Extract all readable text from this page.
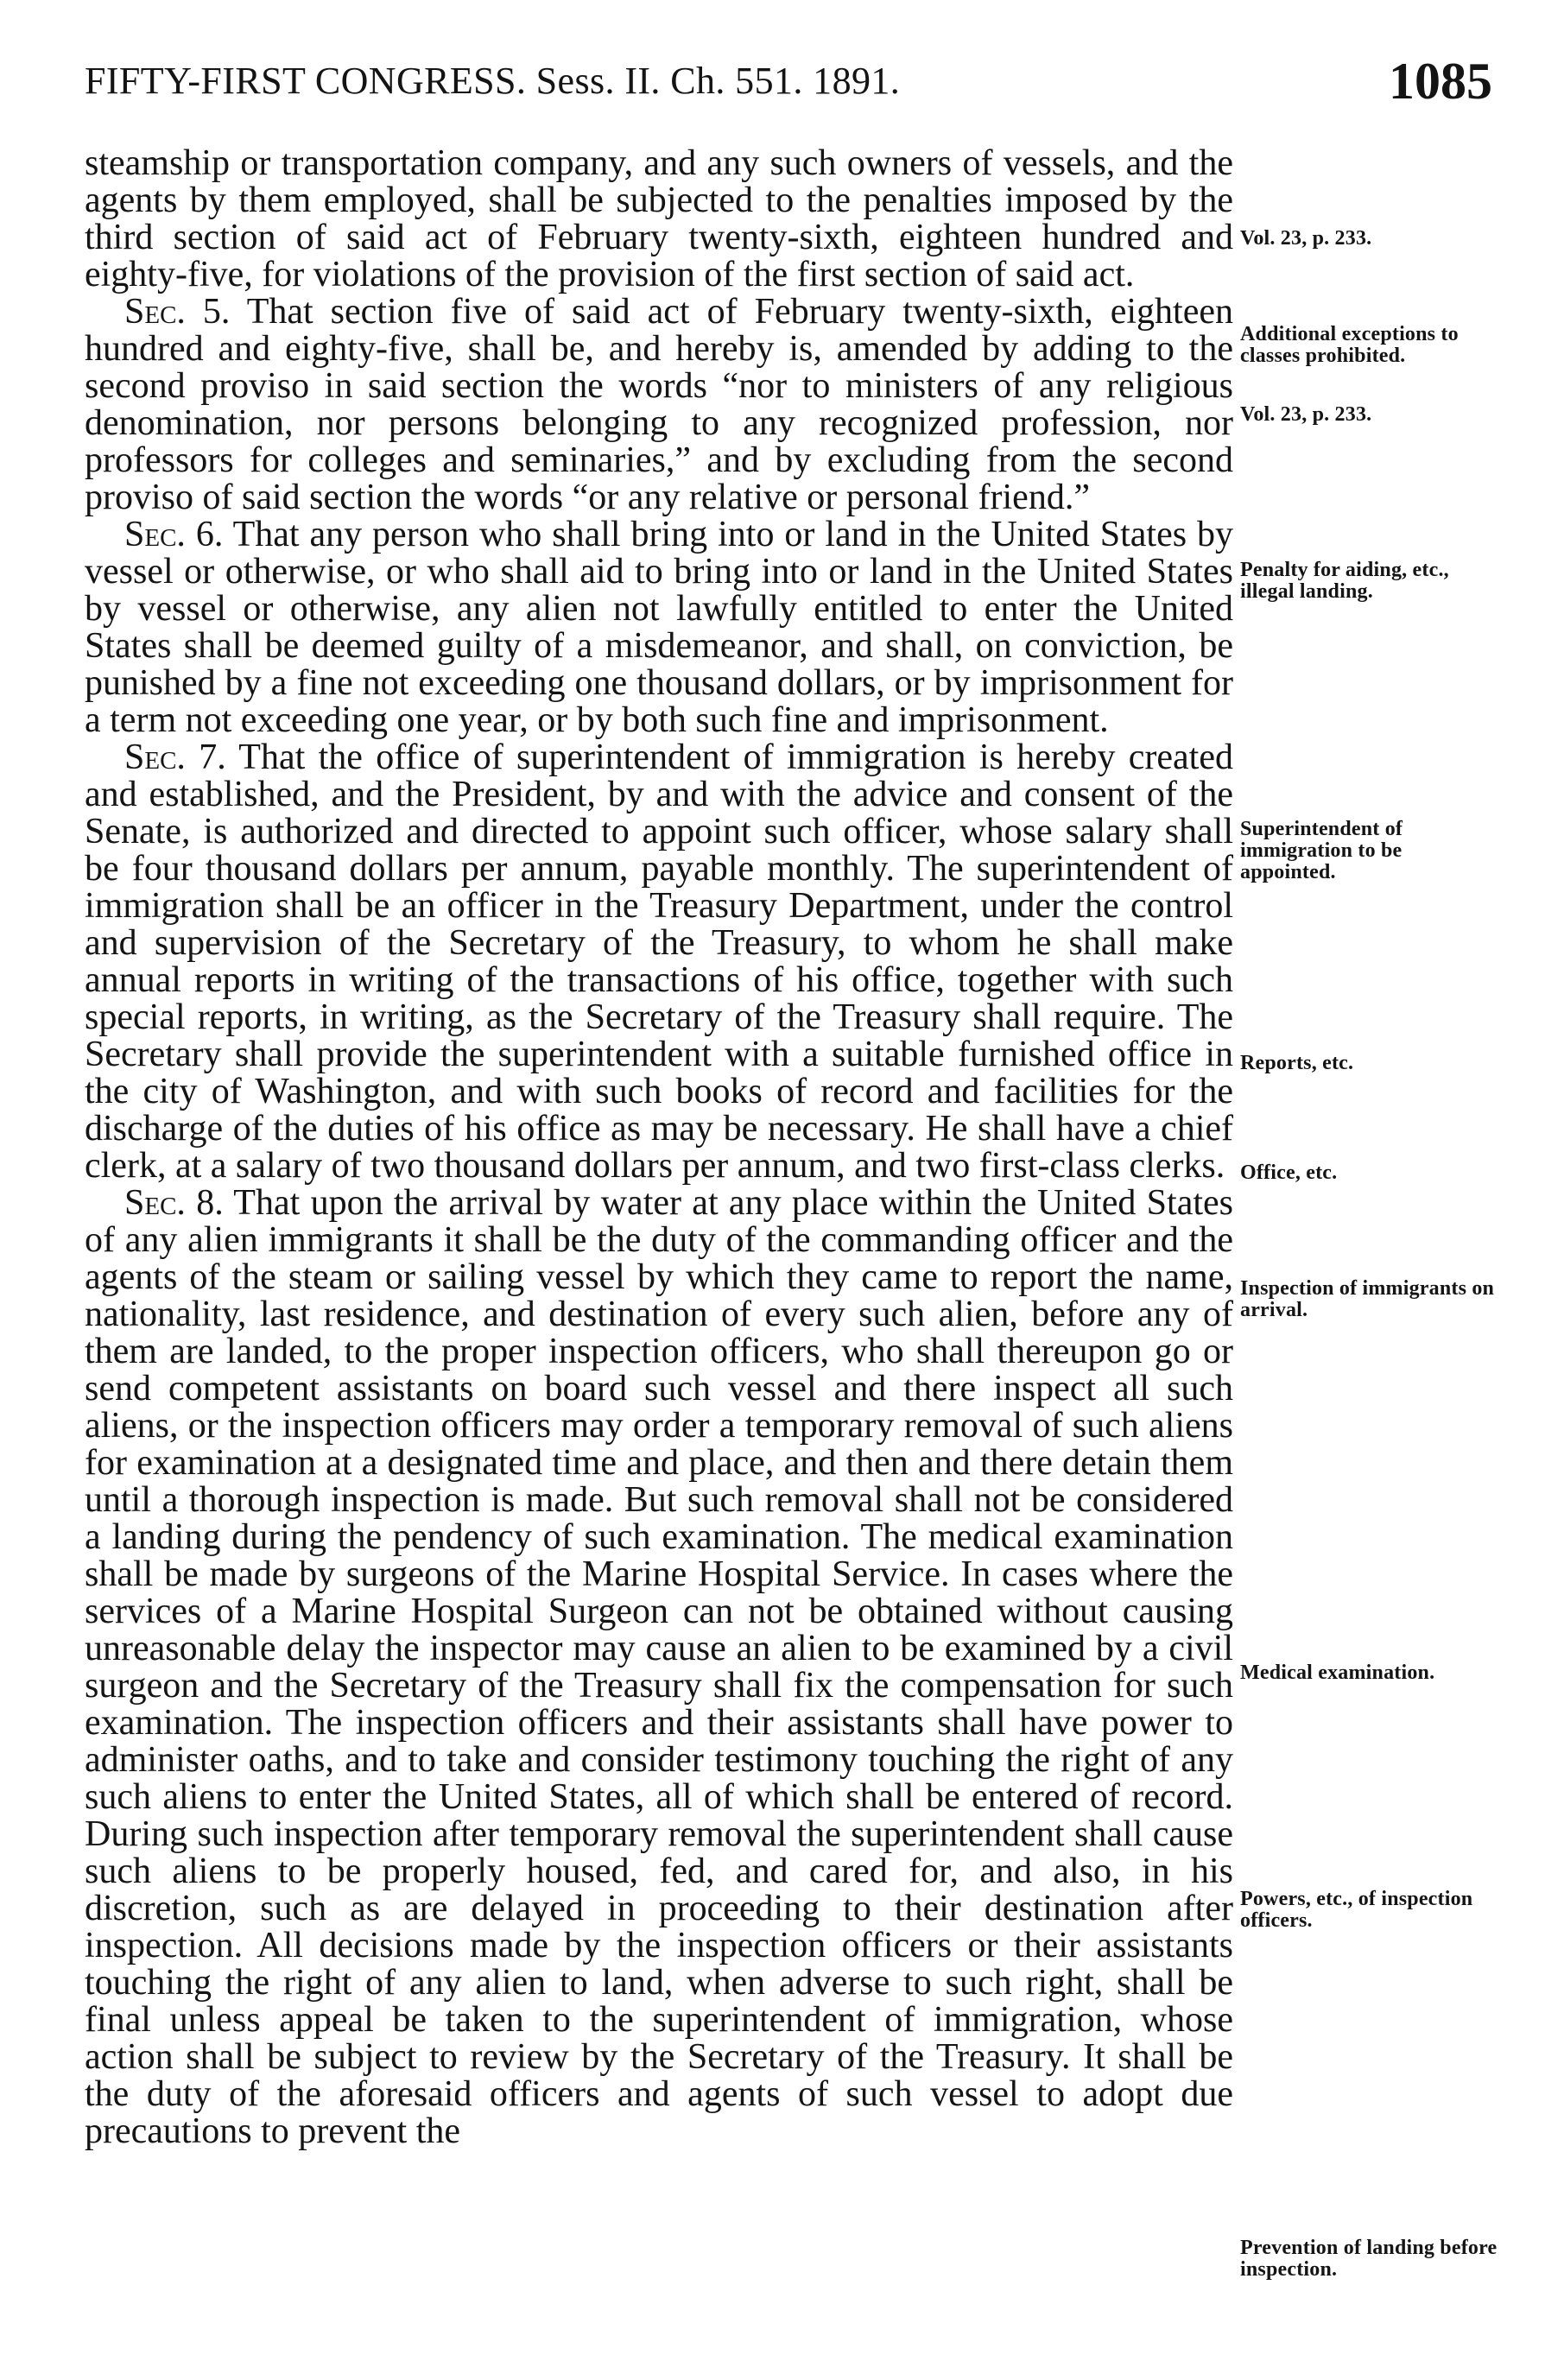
FIFTY-FIRST CONGRESS. Sess. II. Ch. 551. 1891.	1085

steamship or transportation company, and any such owners of vessels, and the agents by them employed, shall be subjected to the penalties imposed by the third section of said act of February twenty-sixth, eighteen hundred and eighty-five, for violations of the provision of the first section of said act.

Sec. 5. That section five of said act of February twenty-sixth, eighteen hundred and eighty-five, shall be, and hereby is, amended by adding to the second proviso in said section the words “nor to ministers of any religious denomination, nor persons belonging to any recognized profession, nor professors for colleges and seminaries,” and by excluding from the second proviso of said section the words “or any relative or personal friend.”

Sec. 6. That any person who shall bring into or land in the United States by vessel or otherwise, or who shall aid to bring into or land in the United States by vessel or otherwise, any alien not lawfully entitled to enter the United States shall be deemed guilty of a misdemeanor, and shall, on conviction, be punished by a fine not exceeding one thousand dollars, or by imprisonment for a term not exceeding one year, or by both such fine and imprisonment.

Sec. 7. That the office of superintendent of immigration is hereby created and established, and the President, by and with the advice and consent of the Senate, is authorized and directed to appoint such officer, whose salary shall be four thousand dollars per annum, payable monthly. The superintendent of immigration shall be an officer in the Treasury Department, under the control and supervision of the Secretary of the Treasury, to whom he shall make annual reports in writing of the transactions of his office, together with such special reports, in writing, as the Secretary of the Treasury shall require. The Secretary shall provide the superintendent with a suitable furnished office in the city of Washington, and with such books of record and facilities for the discharge of the duties of his office as may be necessary. He shall have a chief clerk, at a salary of two thousand dollars per annum, and two first-class clerks.

Sec. 8. That upon the arrival by water at any place within the United States of any alien immigrants it shall be the duty of the commanding officer and the agents of the steam or sailing vessel by which they came to report the name, nationality, last residence, and destination of every such alien, before any of them are landed, to the proper inspection officers, who shall thereupon go or send competent assistants on board such vessel and there inspect all such aliens, or the inspection officers may order a temporary removal of such aliens for examination at a designated time and place, and then and there detain them until a thorough inspection is made. But such removal shall not be considered a landing during the pendency of such examination. The medical examination shall be made by surgeons of the Marine Hospital Service. In cases where the services of a Marine Hospital Surgeon can not be obtained without causing unreasonable delay the inspector may cause an alien to be examined by a civil surgeon and the Secretary of the Treasury shall fix the compensation for such examination. The inspection officers and their assistants shall have power to administer oaths, and to take and consider testimony touching the right of any such aliens to enter the United States, all of which shall be entered of record. During such inspection after temporary removal the superintendent shall cause such aliens to be properly housed, fed, and cared for, and also, in his discretion, such as are delayed in proceeding to their destination after inspection. All decisions made by the inspection officers or their assistants touching the right of any alien to land, when adverse to such right, shall be final unless appeal be taken to the superintendent of immigration, whose action shall be subject to review by the Secretary of the Treasury. It shall be the duty of the aforesaid officers and agents of such vessel to adopt due precautions to prevent the

Vol. 23, p. 233.
Additional exceptions to classes prohibited.
Vol. 23, p. 233.
Penalty for aiding, etc., illegal landing.
Superintendent of immigration to be appointed.
Reports, etc.
Office, etc.
Inspection of immigrants on arrival.
Medical examination.
Powers, etc., of inspection officers.
Prevention of landing before inspection.
